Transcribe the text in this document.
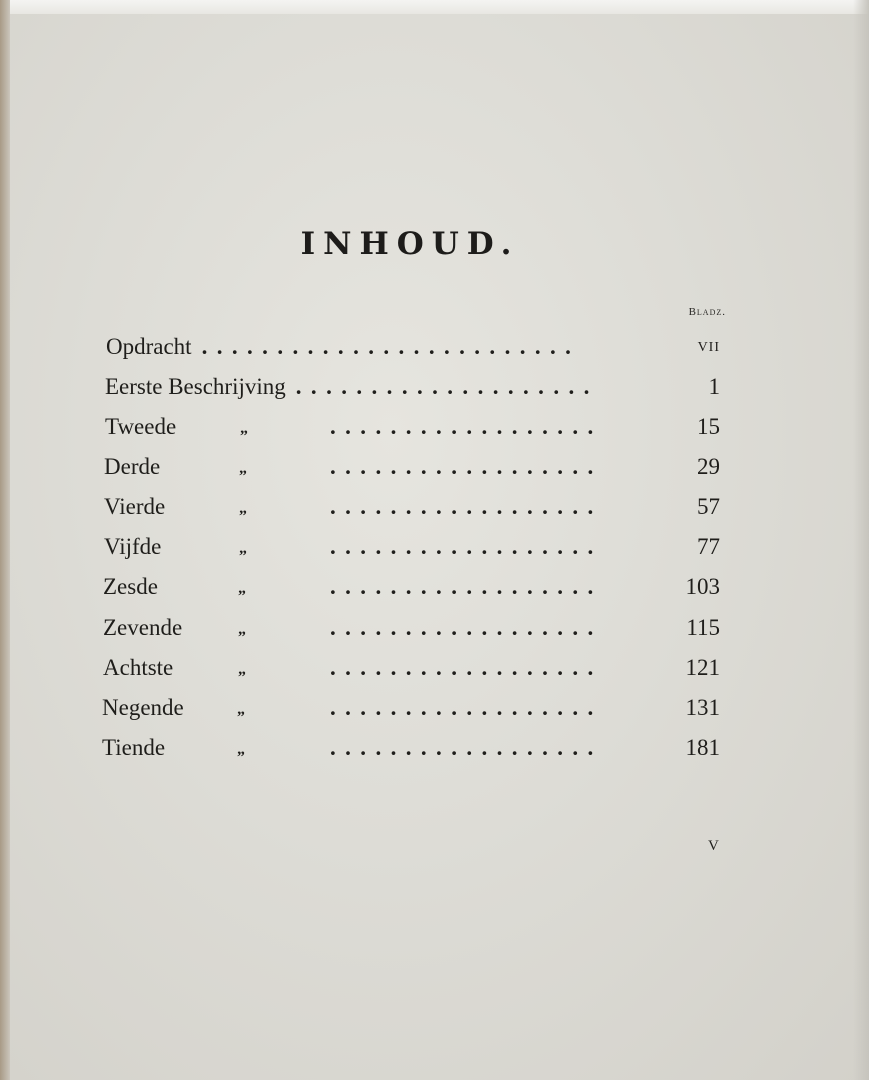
INHOUD.
Bladz.
Opdracht .........................	vii
Eerste Beschrijving ....................	1
Tweede	„	..................	15
Derde	„	..................	29
Vierde	„	..................	57
Vijfde	„	..................	77
Zesde	„	..................	103
Zevende	„	..................	115
Achtste	„	..................	121
Negende	„	..................	131
Tiende	„	..................	181
v
